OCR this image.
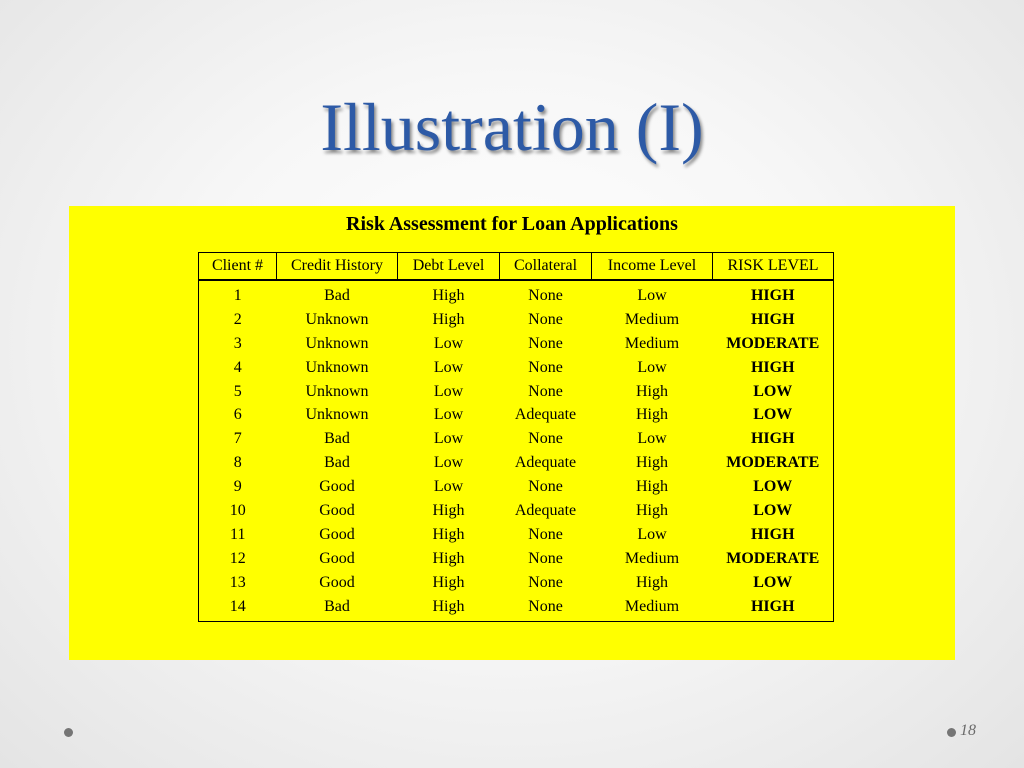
Illustration (I)
Risk Assessment for Loan Applications
Client #	Credit History	Debt Level	Collateral	Income Level	RISK LEVEL
1	Bad	High	None	Low	HIGH
2	Unknown	High	None	Medium	HIGH
3	Unknown	Low	None	Medium	MODERATE
4	Unknown	Low	None	Low	HIGH
5	Unknown	Low	None	High	LOW
6	Unknown	Low	Adequate	High	LOW
7	Bad	Low	None	Low	HIGH
8	Bad	Low	Adequate	High	MODERATE
9	Good	Low	None	High	LOW
10	Good	High	Adequate	High	LOW
11	Good	High	None	Low	HIGH
12	Good	High	None	Medium	MODERATE
13	Good	High	None	High	LOW
14	Bad	High	None	Medium	HIGH
18
